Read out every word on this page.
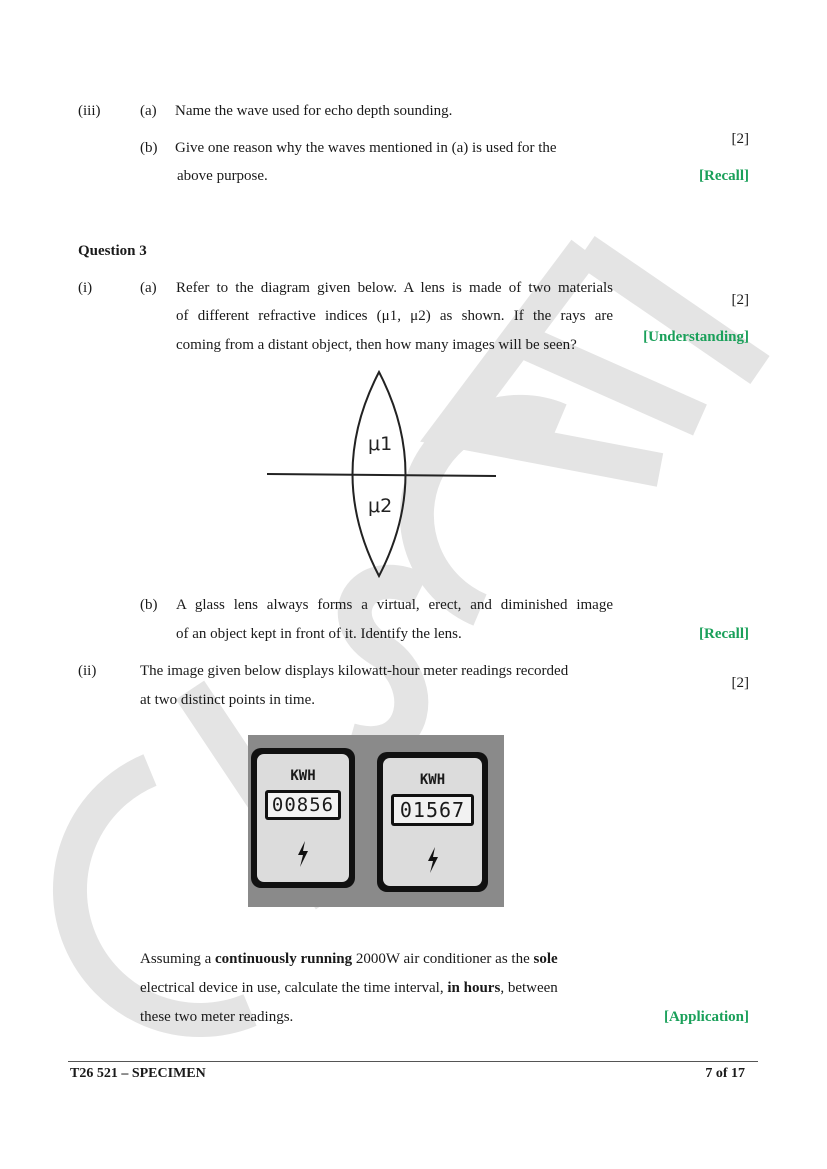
(iii)	(a) Name the wave used for echo depth sounding.
(b) Give one reason why the waves mentioned in (a) is used for the
above purpose.
[2]
[Recall]
Question 3
(i)	(a) Refer to the diagram given below. A lens is made of two materials
of different refractive indices (μ1, μ2) as shown. If the rays are
coming from a distant object, then how many images will be seen?
[2]
[Understanding]
μ1
μ2
(b) A glass lens always forms a virtual, erect, and diminished image
of an object kept in front of it. Identify the lens.	[Recall]
(ii)	The image given below displays kilowatt-hour meter readings recorded
at two distinct points in time.
[2]
KWH
00856
KWH
01567
Assuming a continuously running 2000W air conditioner as the sole
electrical device in use, calculate the time interval, in hours, between
these two meter readings.	[Application]
T26 521 – SPECIMEN	7 of 17
